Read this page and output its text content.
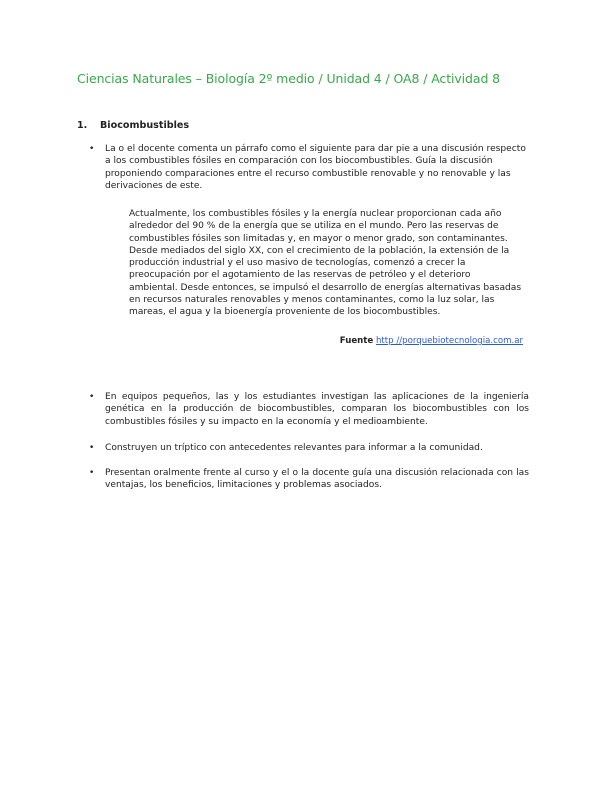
Ciencias Naturales – Biología 2º medio / Unidad 4 / OA8 / Actividad 8
1. Biocombustibles
• La o el docente comenta un párrafo como el siguiente para dar pie a una discusión respecto a los combustibles fósiles en comparación con los biocombustibles. Guía la discusión proponiendo comparaciones entre el recurso combustible renovable y no renovable y las derivaciones de este.
Actualmente, los combustibles fósiles y la energía nuclear proporcionan cada año alrededor del 90 % de la energía que se utiliza en el mundo. Pero las reservas de combustibles fósiles son limitadas y, en mayor o menor grado, son contaminantes. Desde mediados del siglo XX, con el crecimiento de la población, la extensión de la producción industrial y el uso masivo de tecnologías, comenzó a crecer la preocupación por el agotamiento de las reservas de petróleo y el deterioro ambiental. Desde entonces, se impulsó el desarrollo de energías alternativas basadas en recursos naturales renovables y menos contaminantes, como la luz solar, las mareas, el agua y la bioenergía proveniente de los biocombustibles.
Fuente http //porquebiotecnologia.com.ar
• En equipos pequeños, las y los estudiantes investigan las aplicaciones de la ingeniería genética en la producción de biocombustibles, comparan los biocombustibles con los combustibles fósiles y su impacto en la economía y el medioambiente.
• Construyen un tríptico con antecedentes relevantes para informar a la comunidad.
• Presentan oralmente frente al curso y el o la docente guía una discusión relacionada con las ventajas, los beneficios, limitaciones y problemas asociados.
